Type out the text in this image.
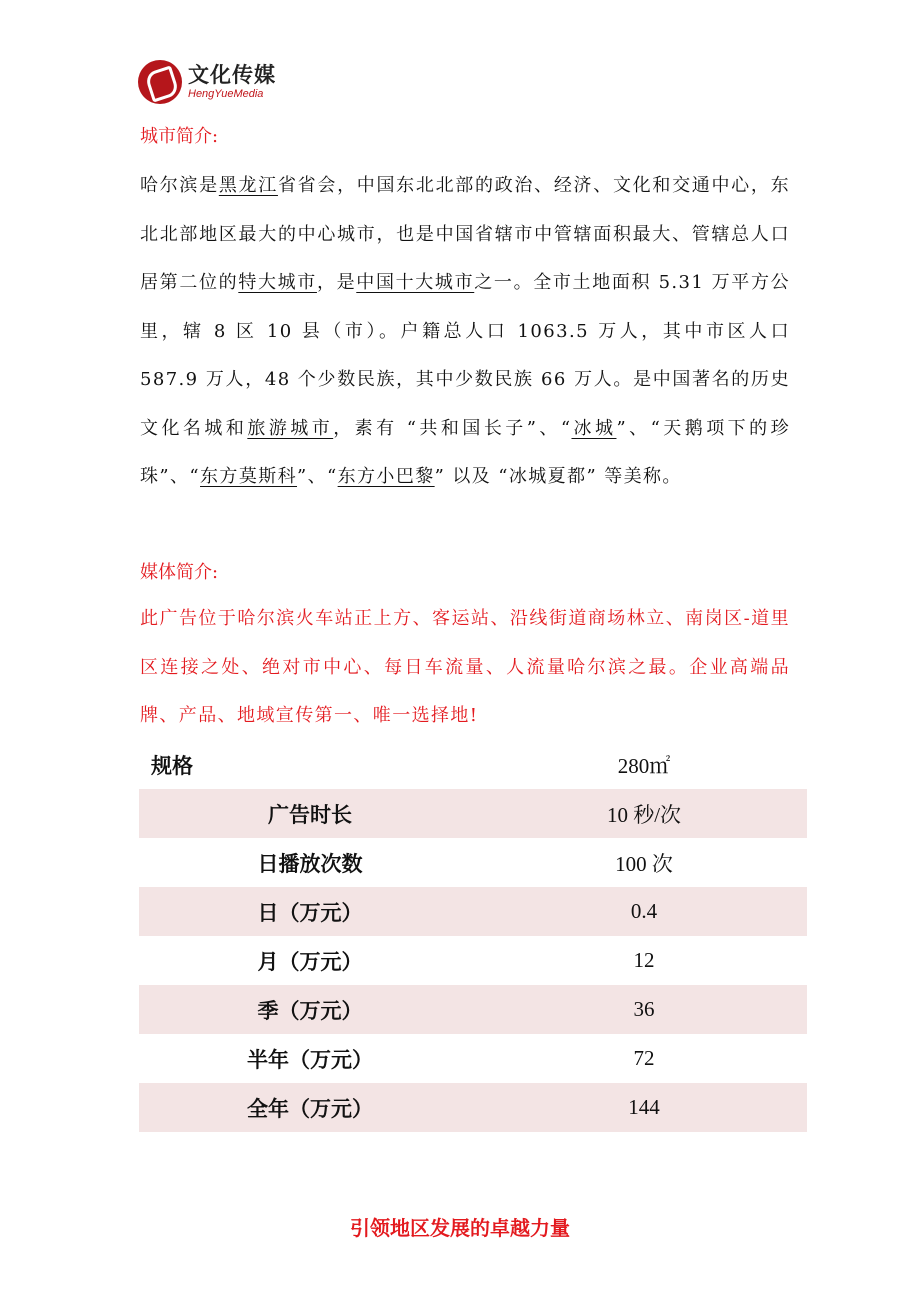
文化传媒
HengYueMedia
城市简介:
哈尔滨是黑龙江省省会，中国东北北部的政治、经济、文化和交通中心，东北北部地区最大的中心城市，也是中国省辖市中管辖面积最大、管辖总人口居第二位的特大城市，是中国十大城市之一。全市土地面积 5.31 万平方公里，辖 8 区 10 县（市）。户籍总人口 1063.5 万人，其中市区人口 587.9 万人，48 个少数民族，其中少数民族 66 万人。是中国著名的历史文化名城和旅游城市，素有 “共和国长子”、“冰城”、“天鹅项下的珍珠”、“东方莫斯科”、“东方小巴黎” 以及 “冰城夏都” 等美称。
媒体简介:
此广告位于哈尔滨火车站正上方、客运站、沿线街道商场林立、南岗区-道里区连接之处、绝对市中心、每日车流量、人流量哈尔滨之最。企业高端品牌、产品、地域宣传第一、唯一选择地!
规格	280㎡
广告时长	10 秒/次
日播放次数	100 次
日（万元）	0.4
月（万元）	12
季（万元）	36
半年（万元）	72
全年（万元）	144
引领地区发展的卓越力量
